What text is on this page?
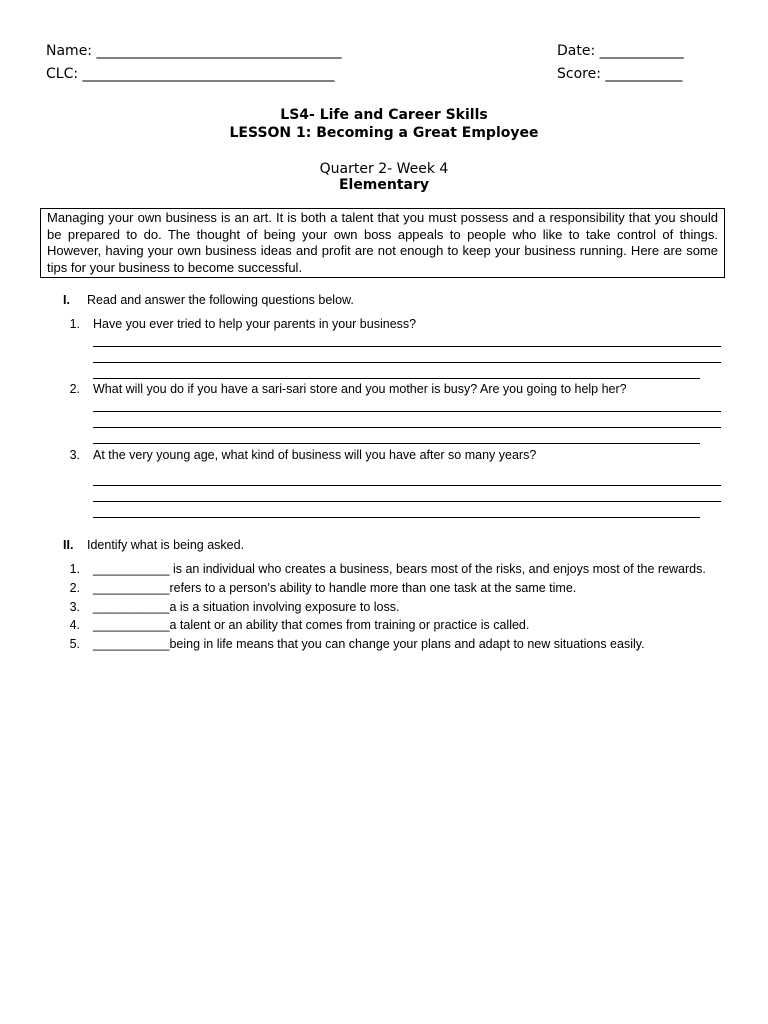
Name: ___________________________________	Date: ____________
CLC: ____________________________________	Score: ___________
LS4- Life and Career Skills
LESSON 1: Becoming a Great Employee
Quarter 2- Week 4
Elementary
Managing your own business is an art. It is both a talent that you must possess and a responsibility that you should be prepared to do. The thought of being your own boss appeals to people who like to take control of things. However, having your own business ideas and profit are not enough to keep your business running. Here are some tips for your business to become successful.
I. Read and answer the following questions below.
1. Have you ever tried to help your parents in your business?
2. What will you do if you have a sari-sari store and you mother is busy? Are you going to help her?
3. At the very young age, what kind of business will you have after so many years?
II. Identify what is being asked.
1. ___________ is an individual who creates a business, bears most of the risks, and enjoys most of the rewards.
2. ___________refers to a person's ability to handle more than one task at the same time.
3. ___________a is a situation involving exposure to loss.
4. ___________a talent or an ability that comes from training or practice is called.
5. ___________being in life means that you can change your plans and adapt to new situations easily.
